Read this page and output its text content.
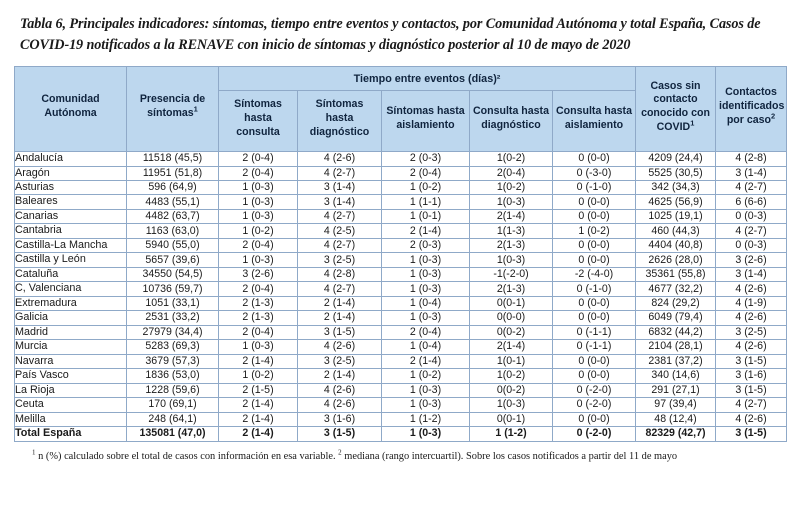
Tabla 6, Principales indicadores: síntomas, tiempo entre eventos y contactos, por Comunidad Autónoma y total España, Casos de COVID-19 notificados a la RENAVE con inicio de síntomas y diagnóstico posterior al 10 de mayo de 2020
Comunidad Autónoma	Presencia de síntomas$^1$	Tiempo entre eventos (días)²					Casos sin contacto conocido con COVID$^1$	Contactos identificados por caso$^2$
		Síntomas hasta consulta	Síntomas hasta diagnóstico	Síntomas hasta aislamiento	Consulta hasta diagnóstico	Consulta hasta aislamiento		
Andalucía	11518 (45,5)	2 (0-4)	4 (2-6)	2 (0-3)	1(0-2)	0 (0-0)	4209 (24,4)	4 (2-8)
Aragón	11951 (51,8)	2 (0-4)	4 (2-7)	2 (0-4)	2(0-4)	0 (-3-0)	5525 (30,5)	3 (1-4)
Asturias	596 (64,9)	1 (0-3)	3 (1-4)	1 (0-2)	1(0-2)	0 (-1-0)	342 (34,3)	4 (2-7)
Baleares	4483 (55,1)	1 (0-3)	3 (1-4)	1 (1-1)	1(0-3)	0 (0-0)	4625 (56,9)	6 (6-6)
Canarias	4482 (63,7)	1 (0-3)	4 (2-7)	1 (0-1)	2(1-4)	0 (0-0)	1025 (19,1)	0 (0-3)
Cantabria	1163 (63,0)	1 (0-2)	4 (2-5)	2 (1-4)	1(1-3)	1 (0-2)	460 (44,3)	4 (2-7)
Castilla-La Mancha	5940 (55,0)	2 (0-4)	4 (2-7)	2 (0-3)	2(1-3)	0 (0-0)	4404 (40,8)	0 (0-3)
Castilla y León	5657 (39,6)	1 (0-3)	3 (2-5)	1 (0-3)	1(0-3)	0 (0-0)	2626 (28,0)	3 (2-6)
Cataluña	34550 (54,5)	3 (2-6)	4 (2-8)	1 (0-3)	-1(-2-0)	-2 (-4-0)	35361 (55,8)	3 (1-4)
C, Valenciana	10736 (59,7)	2 (0-4)	4 (2-7)	1 (0-3)	2(1-3)	0 (-1-0)	4677 (32,2)	4 (2-6)
Extremadura	1051 (33,1)	2 (1-3)	2 (1-4)	1 (0-4)	0(0-1)	0 (0-0)	824 (29,2)	4 (1-9)
Galicia	2531 (33,2)	2 (1-3)	2 (1-4)	1 (0-3)	0(0-0)	0 (0-0)	6049 (79,4)	4 (2-6)
Madrid	27979 (34,4)	2 (0-4)	3 (1-5)	2 (0-4)	0(0-2)	0 (-1-1)	6832 (44,2)	3 (2-5)
Murcia	5283 (69,3)	1 (0-3)	4 (2-6)	1 (0-4)	2(1-4)	0 (-1-1)	2104 (28,1)	4 (2-6)
Navarra	3679 (57,3)	2 (1-4)	3 (2-5)	2 (1-4)	1(0-1)	0 (0-0)	2381 (37,2)	3 (1-5)
País Vasco	1836 (53,0)	1 (0-2)	2 (1-4)	1 (0-2)	1(0-2)	0 (0-0)	340 (14,6)	3 (1-6)
La Rioja	1228 (59,6)	2 (1-5)	4 (2-6)	1 (0-3)	0(0-2)	0 (-2-0)	291 (27,1)	3 (1-5)
Ceuta	170 (69,1)	2 (1-4)	4 (2-6)	1 (0-3)	1(0-3)	0 (-2-0)	97 (39,4)	4 (2-7)
Melilla	248 (64,1)	2 (1-4)	3 (1-6)	1 (1-2)	0(0-1)	0 (0-0)	48 (12,4)	4 (2-6)
Total España	135081 (47,0)	2 (1-4)	3 (1-5)	1 (0-3)	1 (1-2)	0 (-2-0)	82329 (42,7)	3 (1-5)
$^1$ n (%) calculado sobre el total de casos con información en esa variable. $^2$ mediana (rango intercuartil). Sobre los casos notificados a partir del 11 de mayo
